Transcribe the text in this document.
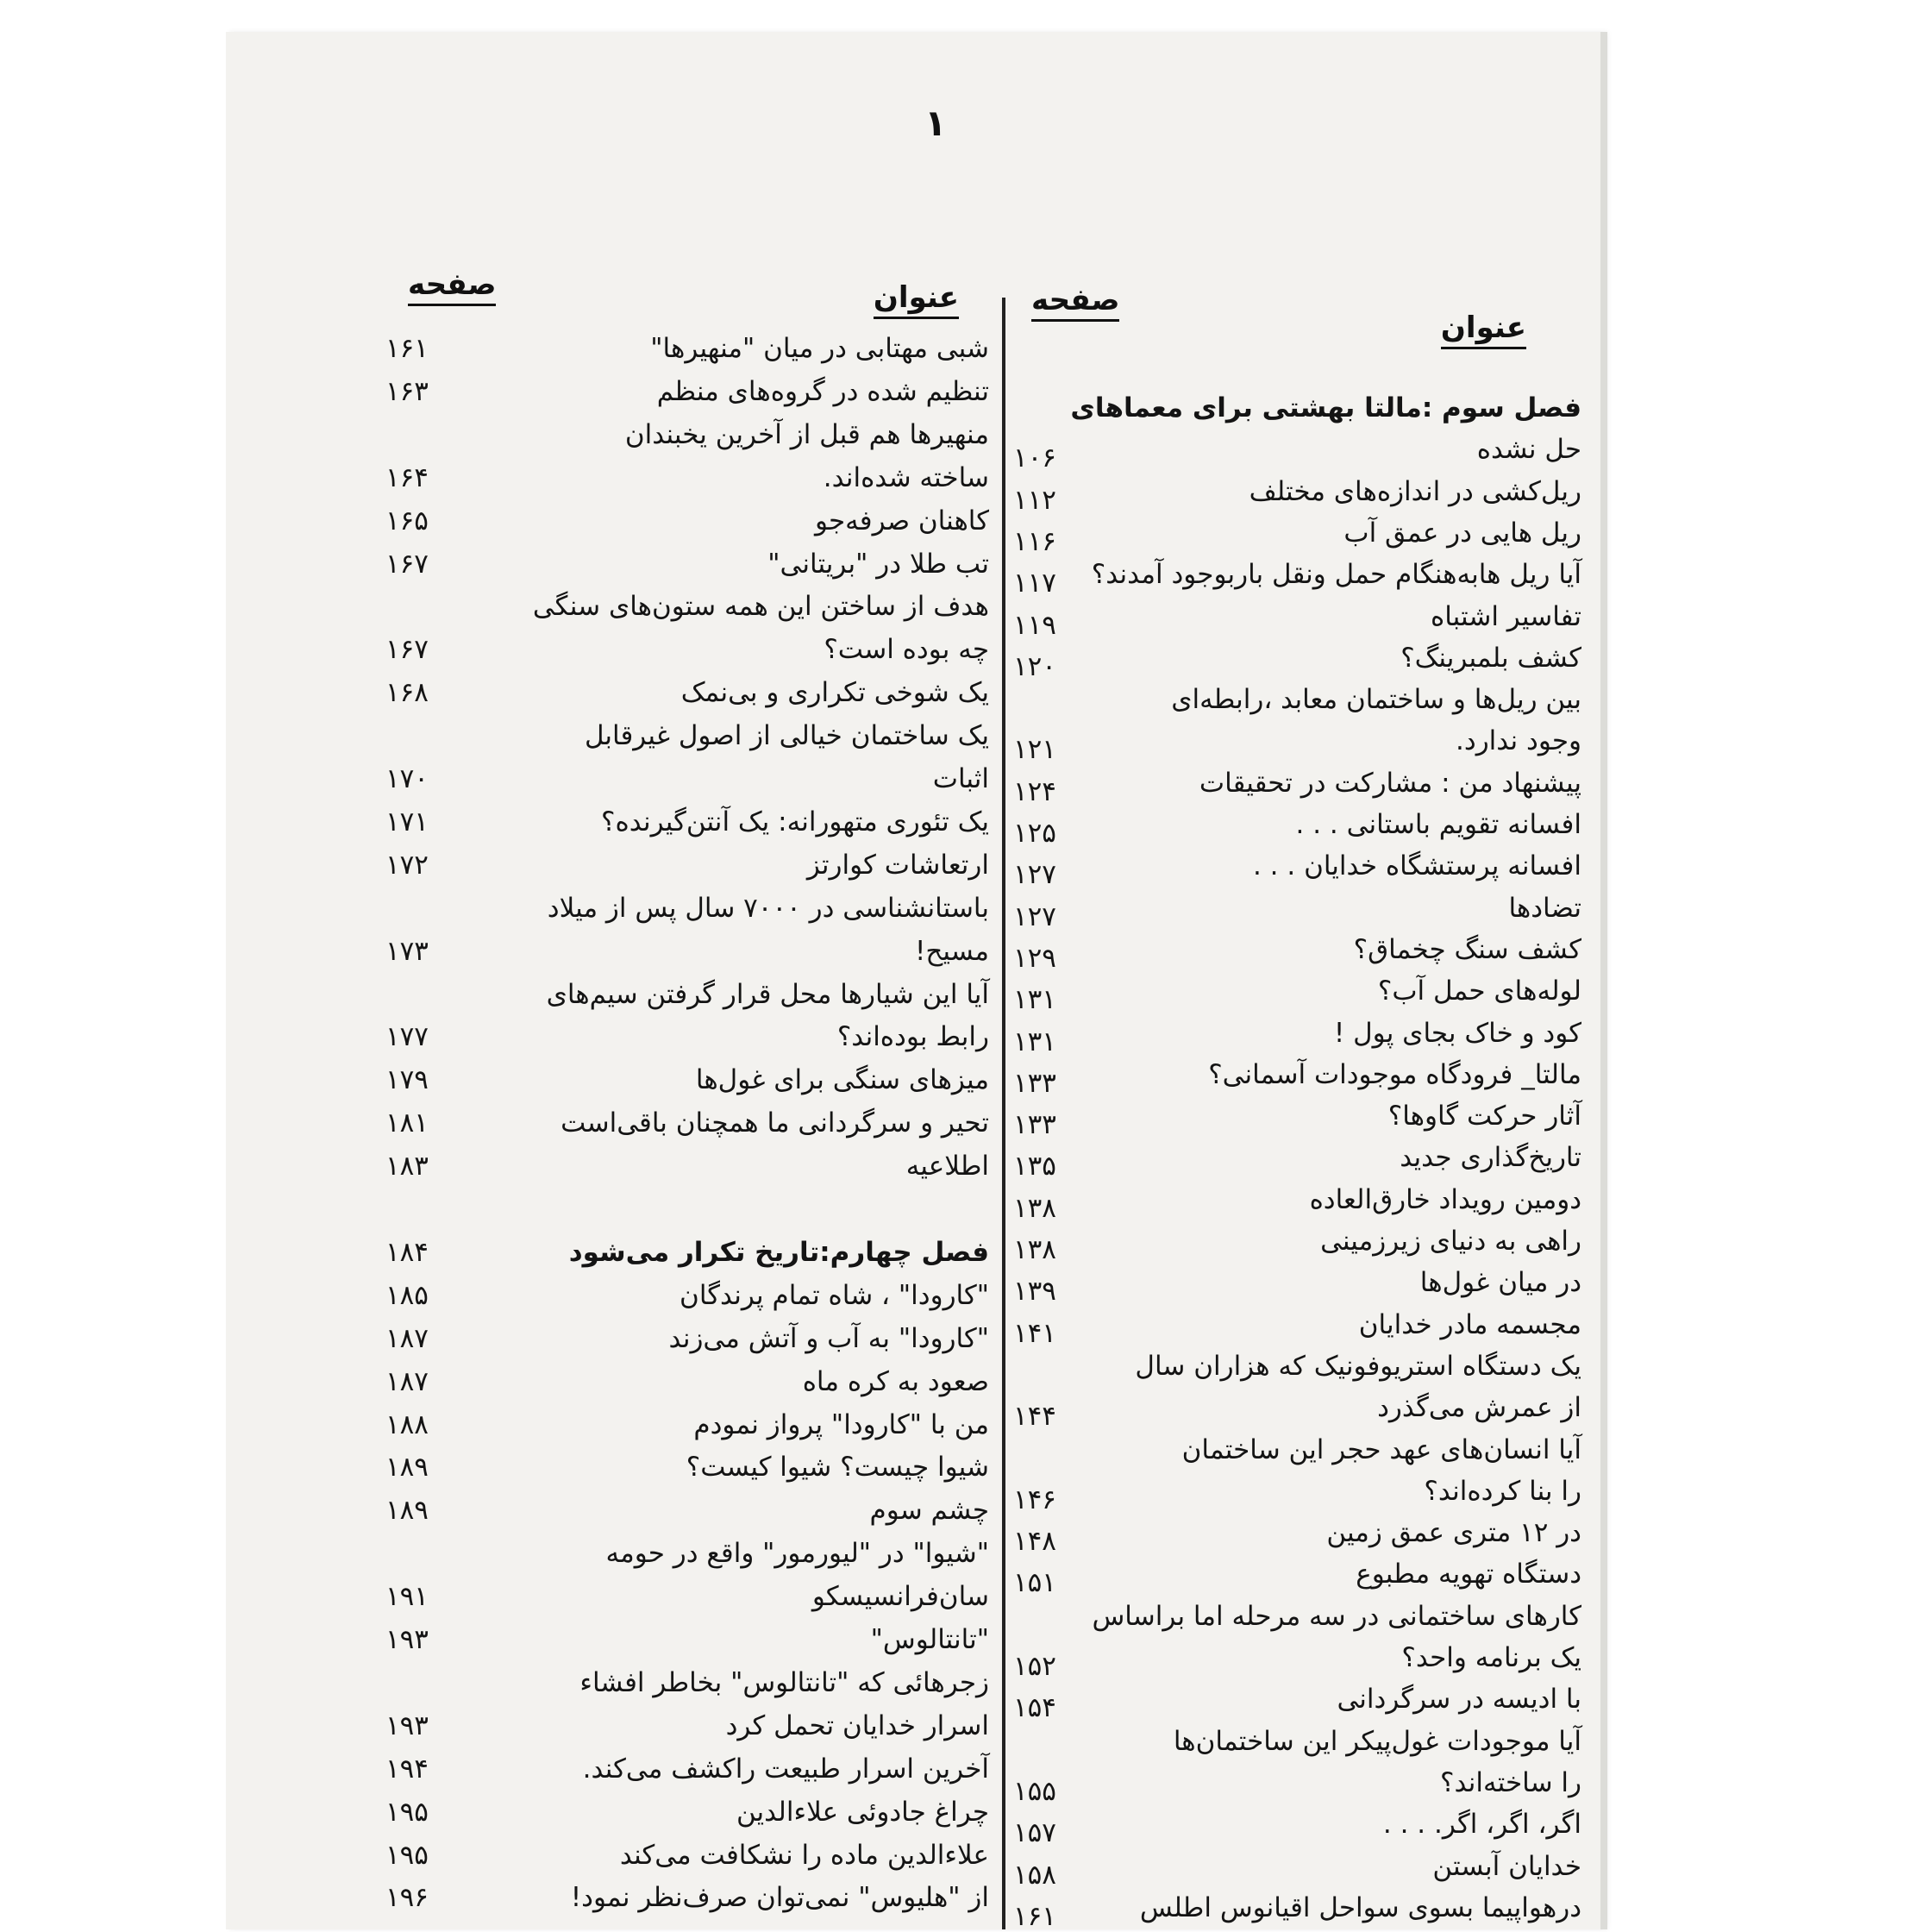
۱
عنوان
صفحه
عنوان
صفحه
فصل سوم :مالتا بهشتی برای معماهای
حل نشده
۱۰۶
ریل‌کشی در اندازه‌های مختلف
۱۱۲
ریل هایی در عمق آب
۱۱۶
آیا ریل هابه‌هنگام حمل ونقل باربوجود آمدند؟
۱۱۷
تفاسیر اشتباه
۱۱۹
کشف بلمبرینگ؟
۱۲۰
بین ریل‌ها و ساختمان معابد ،رابطه‌ای
وجود ندارد.
۱۲۱
پیشنهاد من : مشارکت در تحقیقات
۱۲۴
افسانه تقویم باستانی . . .
۱۲۵
افسانه پرستشگاه خدایان . . .
۱۲۷
تضادها
۱۲۷
کشف سنگ چخماق؟
۱۲۹
لوله‌های حمل آب؟
۱۳۱
کود و خاک بجای پول !
۱۳۱
مالتا_ فرودگاه موجودات آسمانی؟
۱۳۳
آثار حرکت گاوها؟
۱۳۳
تاریخ‌گذاری جدید
۱۳۵
دومین رویداد خارق‌العاده
۱۳۸
راهی به دنیای زیرزمینی
۱۳۸
در میان غول‌ها
۱۳۹
مجسمه مادر خدایان
۱۴۱
یک دستگاه استریوفونیک که هزاران سال
از عمرش می‌گذرد
۱۴۴
آیا انسان‌های عهد حجر این ساختمان
را بنا کرده‌اند؟
۱۴۶
در ۱۲ متری عمق زمین
۱۴۸
دستگاه تهویه مطبوع
۱۵۱
کارهای ساختمانی در سه مرحله اما براساس
یک برنامه واحد؟
۱۵۲
با ادیسه در سرگردانی
۱۵۴
آیا موجودات غول‌پیکر این ساختمان‌ها
را ساخته‌اند؟
۱۵۵
اگر، اگر، اگر. . . .
۱۵۷
خدایان آبستن
۱۵۸
درهواپیما بسوی سواحل اقیانوس اطلس
۱۶۱
شبی مهتابی در میان "منهیرها"
۱۶۱
تنظیم شده در گروه‌های منظم
۱۶۳
منهیرها هم قبل از آخرین یخبندان
ساخته شده‌اند.
۱۶۴
کاهنان صرفه‌جو
۱۶۵
تب طلا در "بریتانی"
۱۶۷
هدف از ساختن این همه ستون‌های سنگی
چه بوده است؟
۱۶۷
یک شوخی تکراری و بی‌نمک
۱۶۸
یک ساختمان خیالی از اصول غیرقابل
اثبات
۱۷۰
یک تئوری متهورانه: یک آنتن‌گیرنده؟
۱۷۱
ارتعاشات کوارتز
۱۷۲
باستانشناسی در ۷۰۰۰ سال پس از میلاد
مسیح!
۱۷۳
آیا این شیارها محل قرار گرفتن سیم‌های
رابط بوده‌اند؟
۱۷۷
میزهای سنگی برای غول‌ها
۱۷۹
تحیر و سرگردانی ما همچنان باقی‌است
۱۸۱
اطلاعیه
۱۸۳
فصل چهارم:تاریخ تکرار می‌شود
۱۸۴
"کارودا" ، شاه تمام پرندگان
۱۸۵
"کارودا" به آب و آتش می‌زند
۱۸۷
صعود به کره ماه
۱۸۷
من با "کارودا" پرواز نمودم
۱۸۸
شیوا چیست؟ شیوا کیست؟
۱۸۹
چشم سوم
۱۸۹
"شیوا" در "لیورمور" واقع در حومه
سان‌فرانسیسکو
۱۹۱
"تانتالوس"
۱۹۳
زجرهائی که "تانتالوس" بخاطر افشاء
اسرار خدایان تحمل کرد
۱۹۳
آخرین اسرار طبیعت راکشف می‌کند.
۱۹۴
چراغ جادوئی علاءالدین
۱۹۵
علاءالدین ماده را نشکافت می‌کند
۱۹۵
از "هلیوس" نمی‌توان صرف‌نظر نمود!
۱۹۶
